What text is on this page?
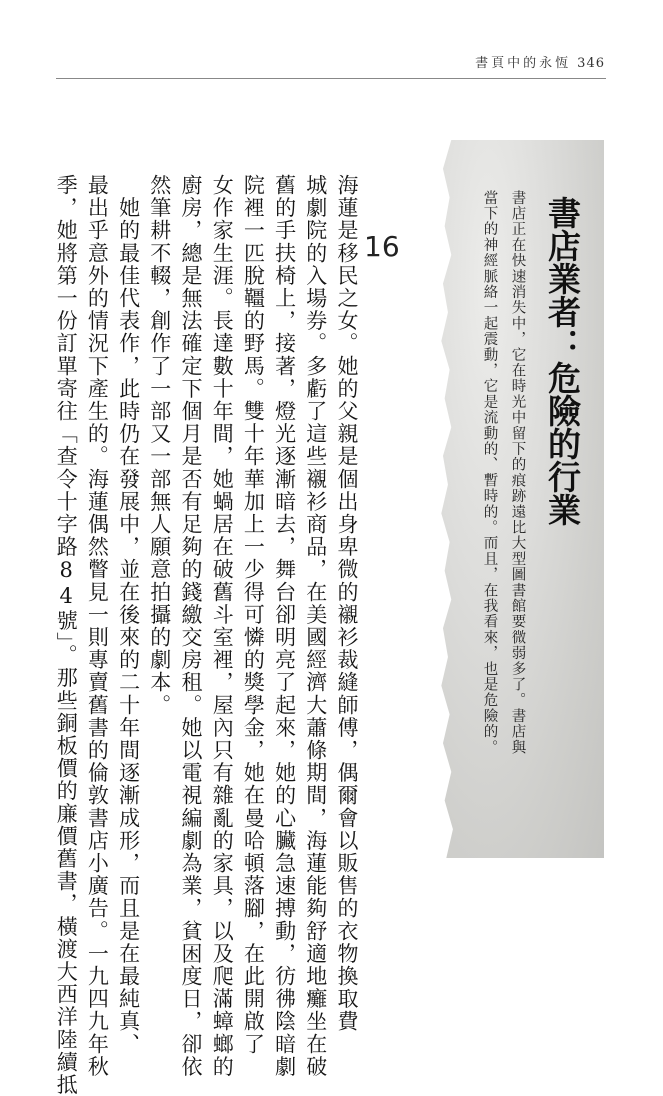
書頁中的永恆 346
書店業者：危險的行業
書店正在快速消失中，它在時光中留下的痕跡遠比大型圖書館要微弱多了。書店與
當下的神經脈絡一起震動，它是流動的、暫時的。而且，在我看來，也是危險的。
16
海蓮是移民之女。她的父親是個出身卑微的襯衫裁縫師傅，偶爾會以販售的衣物換取費
城劇院的入場券。多虧了這些襯衫商品，在美國經濟大蕭條期間，海蓮能夠舒適地癱坐在破
舊的手扶椅上，接著，燈光逐漸暗去，舞台卻明亮了起來，她的心臟急速搏動，彷彿陰暗劇
院裡一匹脫韁的野馬。雙十年華加上一少得可憐的獎學金，她在曼哈頓落腳，在此開啟了
女作家生涯。長達數十年間，她蝸居在破舊斗室裡，屋內只有雜亂的家具，以及爬滿蟑螂的
廚房，總是無法確定下個月是否有足夠的錢繳交房租。她以電視編劇為業，貧困度日，卻依
然筆耕不輟，創作了一部又一部無人願意拍攝的劇本。
　她的最佳代表作，此時仍在發展中，並在後來的二十年間逐漸成形，而且是在最純真、
最出乎意外的情況下產生的。海蓮偶然瞥見一則專賣舊書的倫敦書店小廣告。一九四九年秋
季，她將第一份訂單寄往「查令十字路84號」。那些銅板價的廉價舊書，橫渡大西洋陸續抵
